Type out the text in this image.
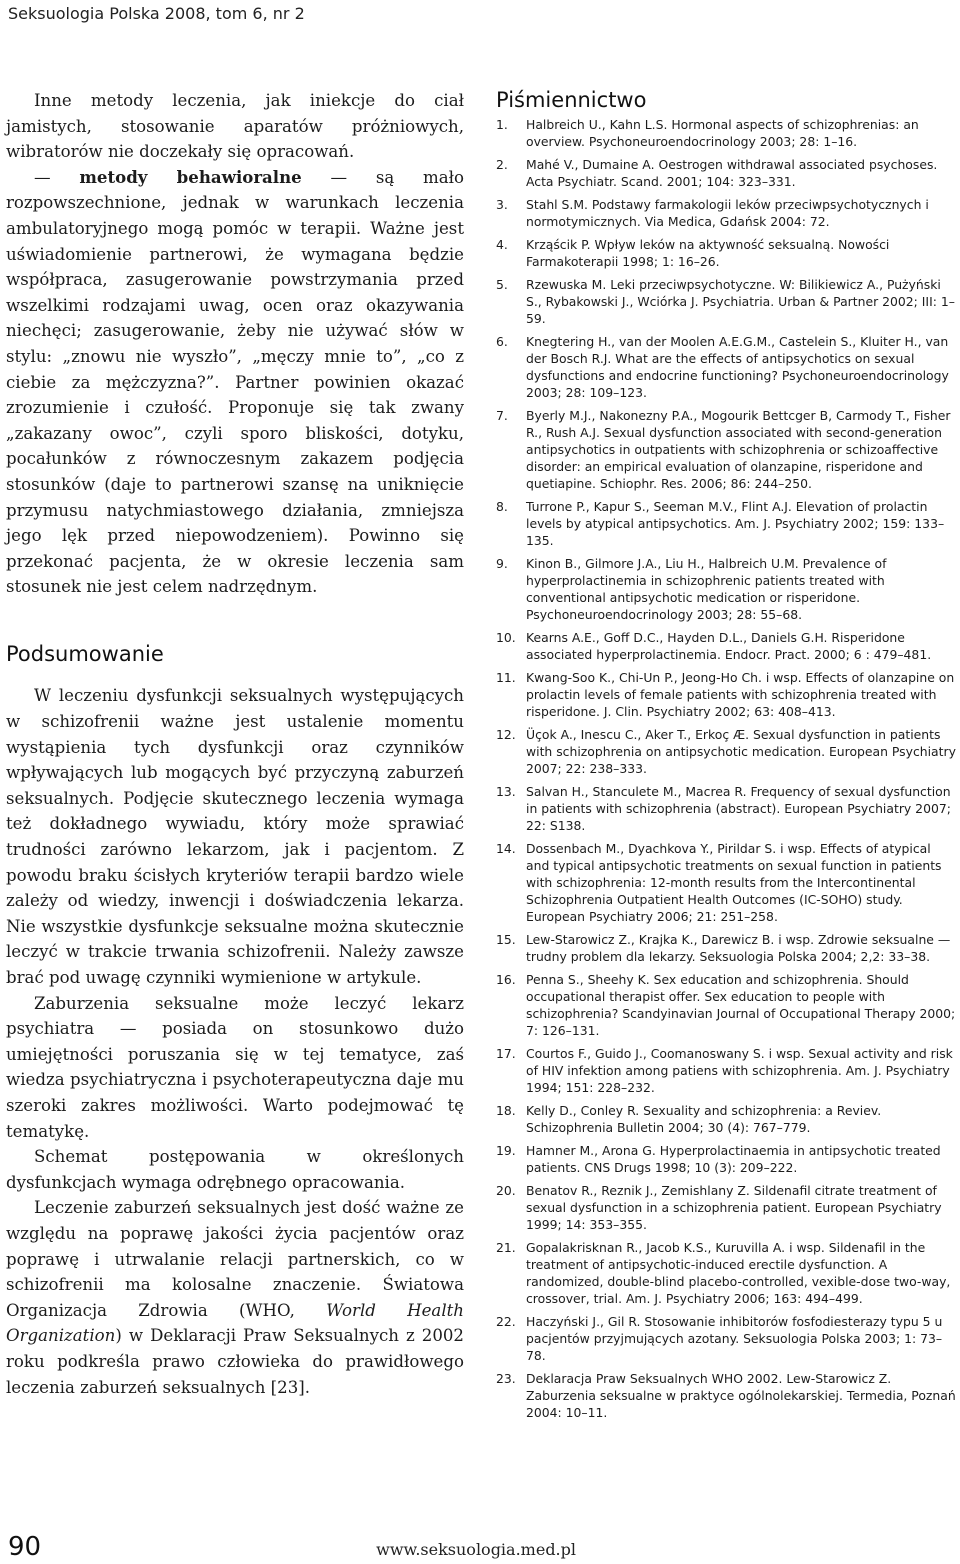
Seksuologia Polska 2008, tom 6, nr 2

Inne metody leczenia, jak iniekcje do ciał jamistych, stosowanie aparatów próżniowych, wibratorów nie doczekały się opracowań.

— metody behawioralne — są mało rozpowszechnione, jednak w warunkach leczenia ambulatoryjnego mogą pomóc w terapii. Ważne jest uświadomienie partnerowi, że wymagana będzie współpraca, zasugerowanie powstrzymania przed wszelkimi rodzajami uwag, ocen oraz okazywania niechęci; zasugerowanie, żeby nie używać słów w stylu: „znowu nie wyszło”, „męczy mnie to”, „co z ciebie za mężczyzna?”. Partner powinien okazać zrozumienie i czułość. Proponuje się tak zwany „zakazany owoc”, czyli sporo bliskości, dotyku, pocałunków z równoczesnym zakazem podjęcia stosunków (daje to partnerowi szansę na uniknięcie przymusu natychmiastowego działania, zmniejsza jego lęk przed niepowodzeniem). Powinno się przekonać pacjenta, że w okresie leczenia sam stosunek nie jest celem nadrzędnym.

Podsumowanie

W leczeniu dysfunkcji seksualnych występujących w schizofrenii ważne jest ustalenie momentu wystąpienia tych dysfunkcji oraz czynników wpływających lub mogących być przyczyną zaburzeń seksualnych. Podjęcie skutecznego leczenia wymaga też dokładnego wywiadu, który może sprawiać trudności zarówno lekarzom, jak i pacjentom. Z powodu braku ścisłych kryteriów terapii bardzo wiele zależy od wiedzy, inwencji i doświadczenia lekarza. Nie wszystkie dysfunkcje seksualne można skutecznie leczyć w trakcie trwania schizofrenii. Należy zawsze brać pod uwagę czynniki wymienione w artykule.

Zaburzenia seksualne może leczyć lekarz psychiatra — posiada on stosunkowo dużo umiejętności poruszania się w tej tematyce, zaś wiedza psychiatryczna i psychoterapeutyczna daje mu szeroki zakres możliwości. Warto podejmować tę tematykę.

Schemat postępowania w określonych dysfunkcjach wymaga odrębnego opracowania.

Leczenie zaburzeń seksualnych jest dość ważne ze względu na poprawę jakości życia pacjentów oraz poprawę i utrwalanie relacji partnerskich, co w schizofrenii ma kolosalne znaczenie. Światowa Organizacja Zdrowia (WHO, World Health Organization) w Deklaracji Praw Seksualnych z 2002 roku podkreśla prawo człowieka do prawidłowego leczenia zaburzeń seksualnych [23].

Piśmiennictwo
1.	Halbreich U., Kahn L.S. Hormonal aspects of schizophrenias: an overview. Psychoneuroendocrinology 2003; 28: 1–16.
2.	Mahé V., Dumaine A. Oestrogen withdrawal associated psychoses. Acta Psychiatr. Scand. 2001; 104: 323–331.
3.	Stahl S.M. Podstawy farmakologii leków przeciwpsychotycznych i normotymicznych. Via Medica, Gdańsk 2004: 72.
4.	Krząścik P. Wpływ leków na aktywność seksualną. Nowości Farmakoterapii 1998; 1: 16–26.
5.	Rzewuska M. Leki przeciwpsychotyczne. W: Bilikiewicz A., Pużyński S., Rybakowski J., Wciórka J. Psychiatria. Urban & Partner 2002; III: 1–59.
6.	Knegtering H., van der Moolen A.E.G.M., Castelein S., Kluiter H., van der Bosch R.J. What are the effects of antipsychotics on sexual dysfunctions and endocrine functioning? Psychoneuroendocrinology 2003; 28: 109–123.
7.	Byerly M.J., Nakonezny P.A., Mogourik Bettcger B, Carmody T., Fisher R., Rush A.J. Sexual dysfunction associated with second-generation antipsychotics in outpatients with schizophrenia or schizoaffective disorder: an empirical evaluation of olanzapine, risperidone and quetiapine. Schiophr. Res. 2006; 86: 244–250.
8.	Turrone P., Kapur S., Seeman M.V., Flint A.J. Elevation of prolactin levels by atypical antipsychotics. Am. J. Psychiatry 2002; 159: 133–135.
9.	Kinon B., Gilmore J.A., Liu H., Halbreich U.M. Prevalence of hyperprolactinemia in schizophrenic patients treated with conventional antipsychotic medication or risperidone. Psychoneuroendocrinology 2003; 28: 55–68.
10. Kearns A.E., Goff D.C., Hayden D.L., Daniels G.H. Risperidone associated hyperprolactinemia. Endocr. Pract. 2000; 6 : 479–481.
11. Kwang-Soo K., Chi-Un P., Jeong-Ho Ch. i wsp. Effects of olanzapine on prolactin levels of female patients with schizophrenia treated with risperidone. J. Clin. Psychiatry 2002; 63: 408–413.
12. Üçok A., Inescu C., Aker T., Erkoç Æ. Sexual dysfunction in patients with schizophrenia on antipsychotic medication. European Psychiatry 2007; 22: 238–333.
13. Salvan H., Stanculete M., Macrea R. Frequency of sexual dysfunction in patients with schizophrenia (abstract). European Psychiatry 2007; 22: S138.
14. Dossenbach M., Dyachkova Y., Pirildar S. i wsp. Effects of atypical and typical antipsychotic treatments on sexual function in patients with schizophrenia: 12-month results from the Intercontinental Schizophrenia Outpatient Health Outcomes (IC-SOHO) study. European Psychiatry 2006; 21: 251–258.
15. Lew-Starowicz Z., Krajka K., Darewicz B. i wsp. Zdrowie seksualne — trudny problem dla lekarzy. Seksuologia Polska 2004; 2,2: 33–38.
16. Penna S., Sheehy K. Sex education and schizophrenia. Should occupational therapist offer. Sex education to people with schizophrenia? Scandyinavian Journal of Occupational Therapy 2000; 7: 126–131.
17. Courtos F., Guido J., Coomanoswany S. i wsp. Sexual activity and risk of HIV infektion among patiens with schizophrenia. Am. J. Psychiatry 1994; 151: 228–232.
18. Kelly D., Conley R. Sexuality and schizophrenia: a Reviev. Schizophrenia Bulletin 2004; 30 (4): 767–779.
19. Hamner M., Arona G. Hyperprolactinaemia in antipsychotic treated patients. CNS Drugs 1998; 10 (3): 209–222.
20. Benatov R., Reznik J., Zemishlany Z. Sildenafil citrate treatment of sexual dysfunction in a schizophrenia patient. European Psychiatry 1999; 14: 353–355.
21. Gopalakrisknan R., Jacob K.S., Kuruvilla A. i wsp. Sildenafil in the treatment of antipsychotic-induced erectile dysfunction. A randomized, double-blind placebo-controlled, vexible-dose two-way, crossover, trial. Am. J. Psychiatry 2006; 163: 494–499.
22. Haczyński J., Gil R. Stosowanie inhibitorów fosfodiesterazy typu 5 u pacjentów przyjmujących azotany. Seksuologia Polska 2003; 1: 73–78.
23. Deklaracja Praw Seksualnych WHO 2002. Lew-Starowicz Z. Zaburzenia seksualne w praktyce ogólnolekarskiej. Termedia, Poznań 2004: 10–11.
90	www.seksuologia.med.pl
